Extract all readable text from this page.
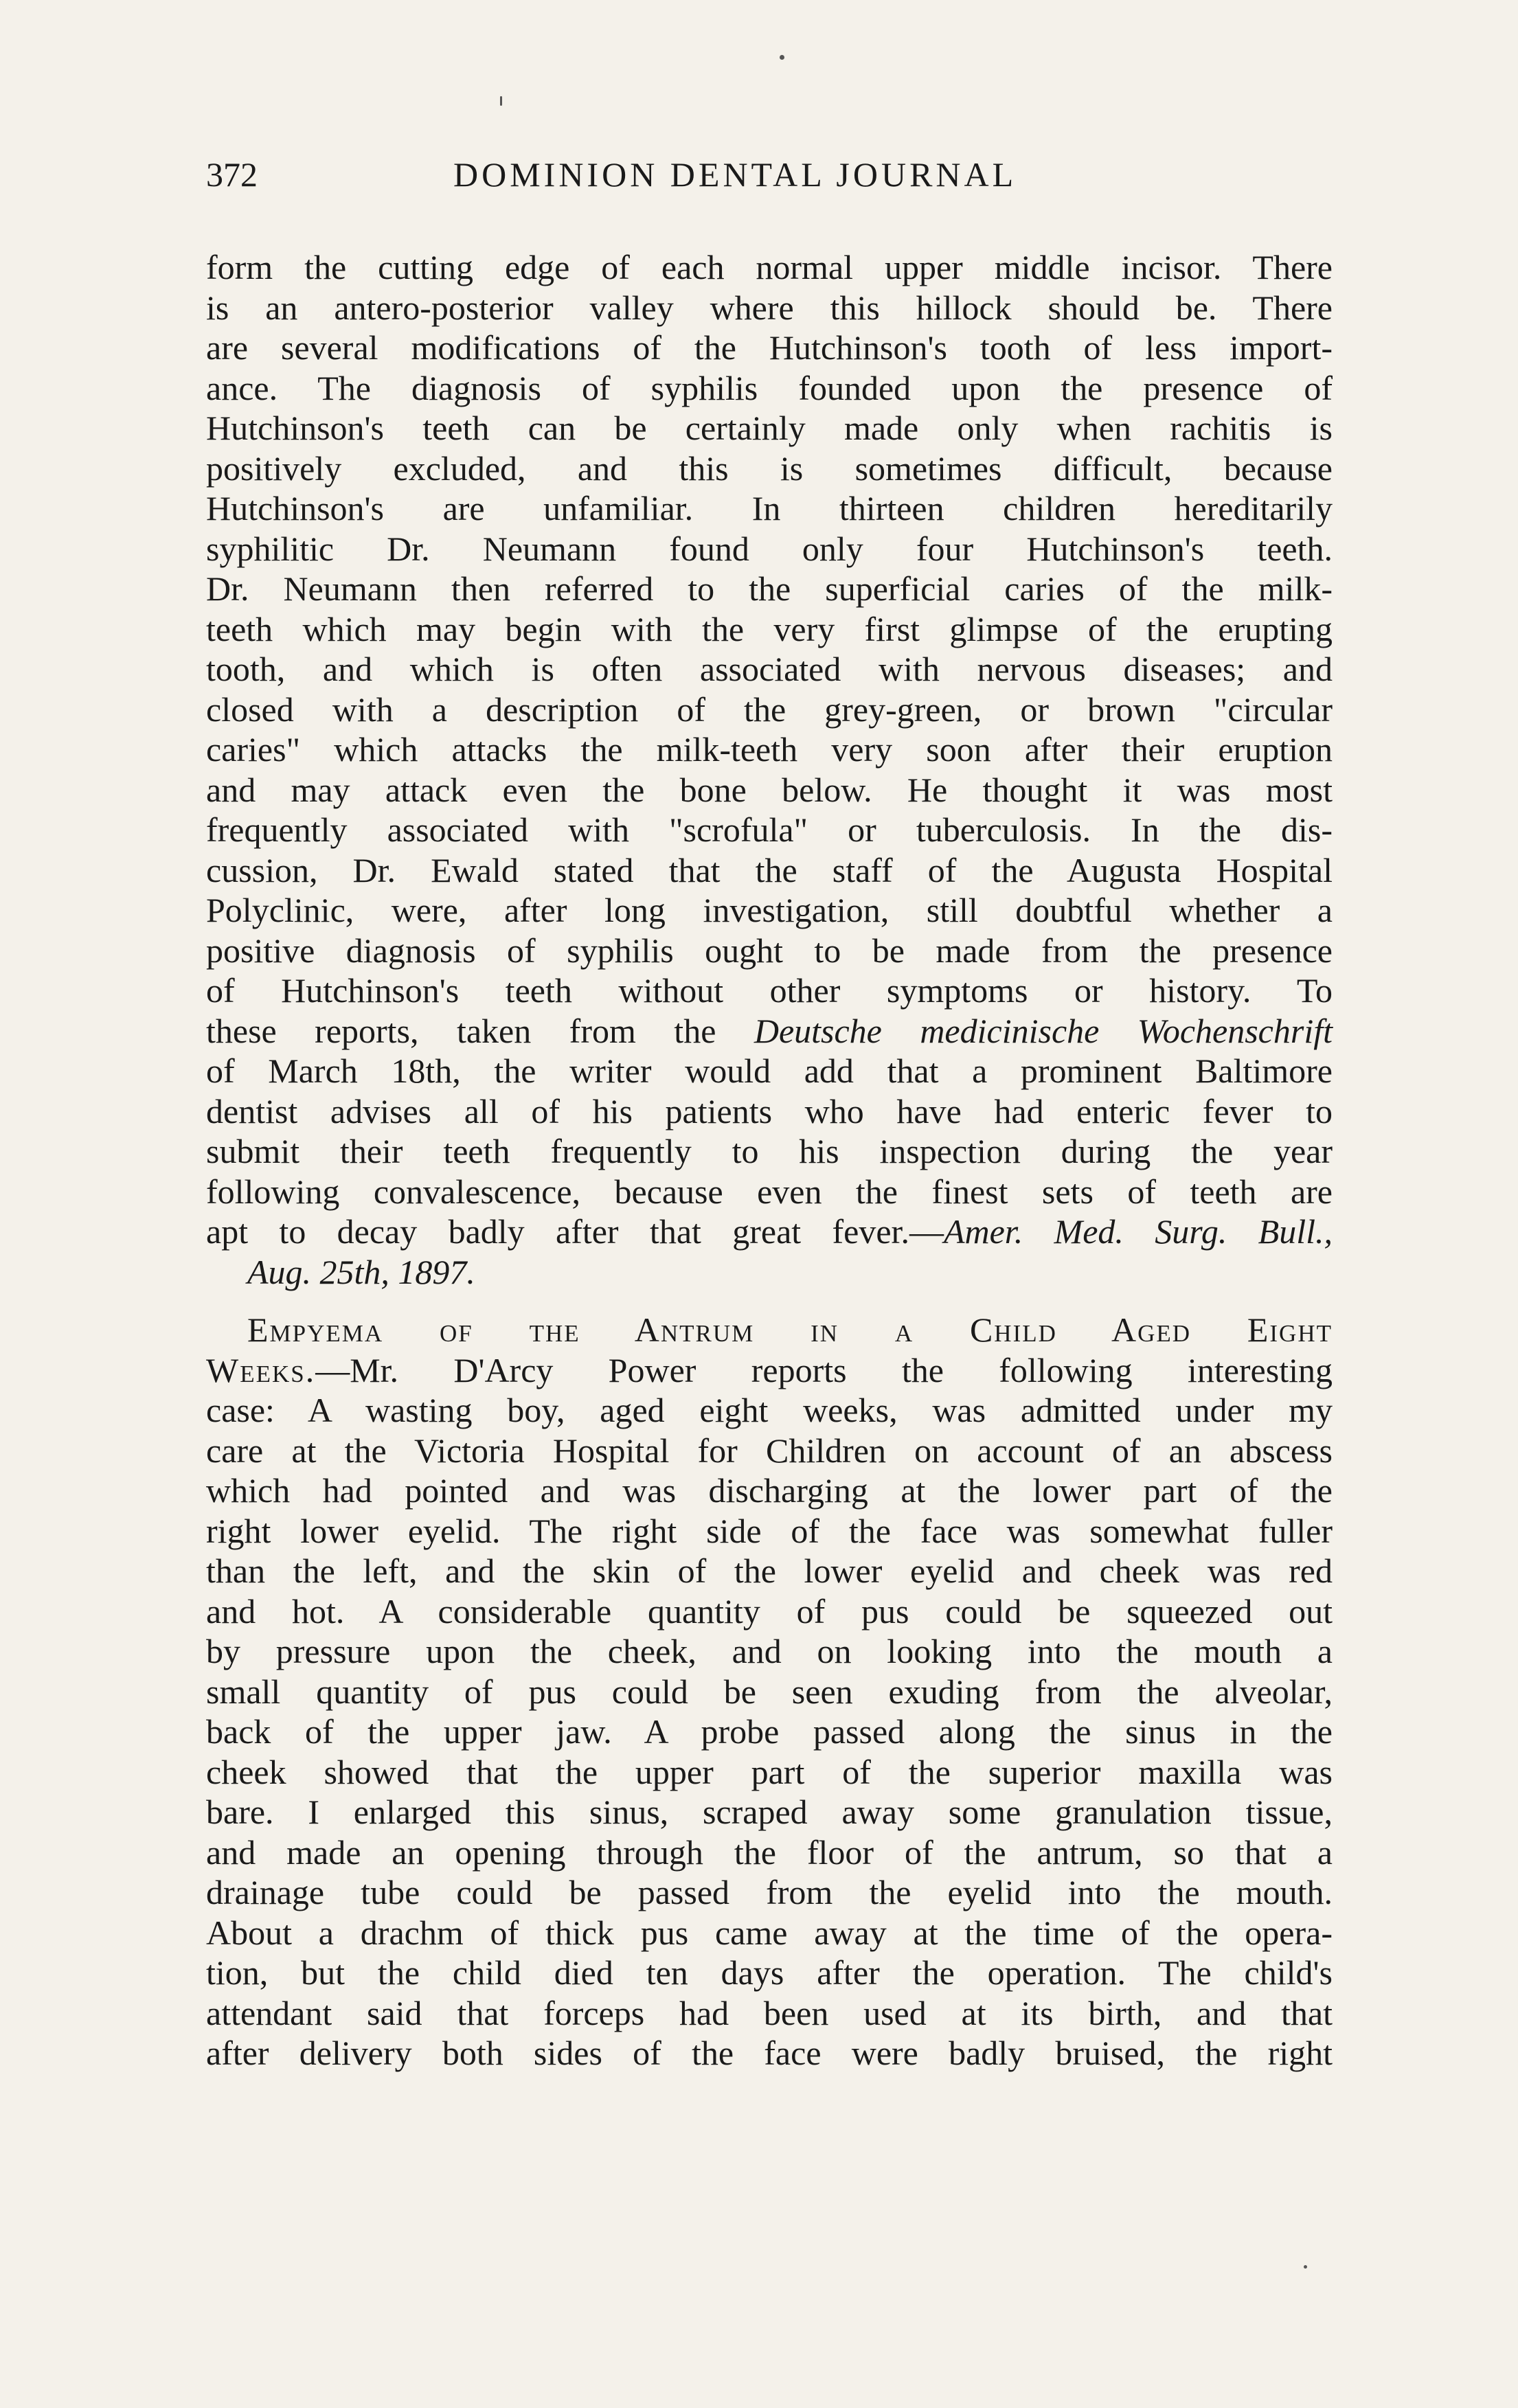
372	DOMINION DENTAL JOURNAL
form the cutting edge of each normal upper middle incisor. There
is an antero-posterior valley where this hillock should be. There
are several modifications of the Hutchinson's tooth of less import-
ance. The diagnosis of syphilis founded upon the presence of
Hutchinson's teeth can be certainly made only when rachitis is
positively excluded, and this is sometimes difficult, because
Hutchinson's are unfamiliar. In thirteen children hereditarily
syphilitic Dr. Neumann found only four Hutchinson's teeth.
Dr. Neumann then referred to the superficial caries of the milk-
teeth which may begin with the very first glimpse of the erupting
tooth, and which is often associated with nervous diseases; and
closed with a description of the grey-green, or brown "circular
caries" which attacks the milk-teeth very soon after their eruption
and may attack even the bone below. He thought it was most
frequently associated with "scrofula" or tuberculosis. In the dis-
cussion, Dr. Ewald stated that the staff of the Augusta Hospital
Polyclinic, were, after long investigation, still doubtful whether a
positive diagnosis of syphilis ought to be made from the presence
of Hutchinson's teeth without other symptoms or history. To
these reports, taken from the Deutsche medicinische Wochenschrift
of March 18th, the writer would add that a prominent Baltimore
dentist advises all of his patients who have had enteric fever to
submit their teeth frequently to his inspection during the year
following convalescence, because even the finest sets of teeth are
apt to decay badly after that great fever.—Amer. Med. Surg. Bull.,
Aug. 25th, 1897.
Empyema of the Antrum in a Child Aged Eight
Weeks.—Mr. D'Arcy Power reports the following interesting
case: A wasting boy, aged eight weeks, was admitted under my
care at the Victoria Hospital for Children on account of an abscess
which had pointed and was discharging at the lower part of the
right lower eyelid. The right side of the face was somewhat fuller
than the left, and the skin of the lower eyelid and cheek was red
and hot. A considerable quantity of pus could be squeezed out
by pressure upon the cheek, and on looking into the mouth a
small quantity of pus could be seen exuding from the alveolar,
back of the upper jaw. A probe passed along the sinus in the
cheek showed that the upper part of the superior maxilla was
bare. I enlarged this sinus, scraped away some granulation tissue,
and made an opening through the floor of the antrum, so that a
drainage tube could be passed from the eyelid into the mouth.
About a drachm of thick pus came away at the time of the opera-
tion, but the child died ten days after the operation. The child's
attendant said that forceps had been used at its birth, and that
after delivery both sides of the face were badly bruised, the right
